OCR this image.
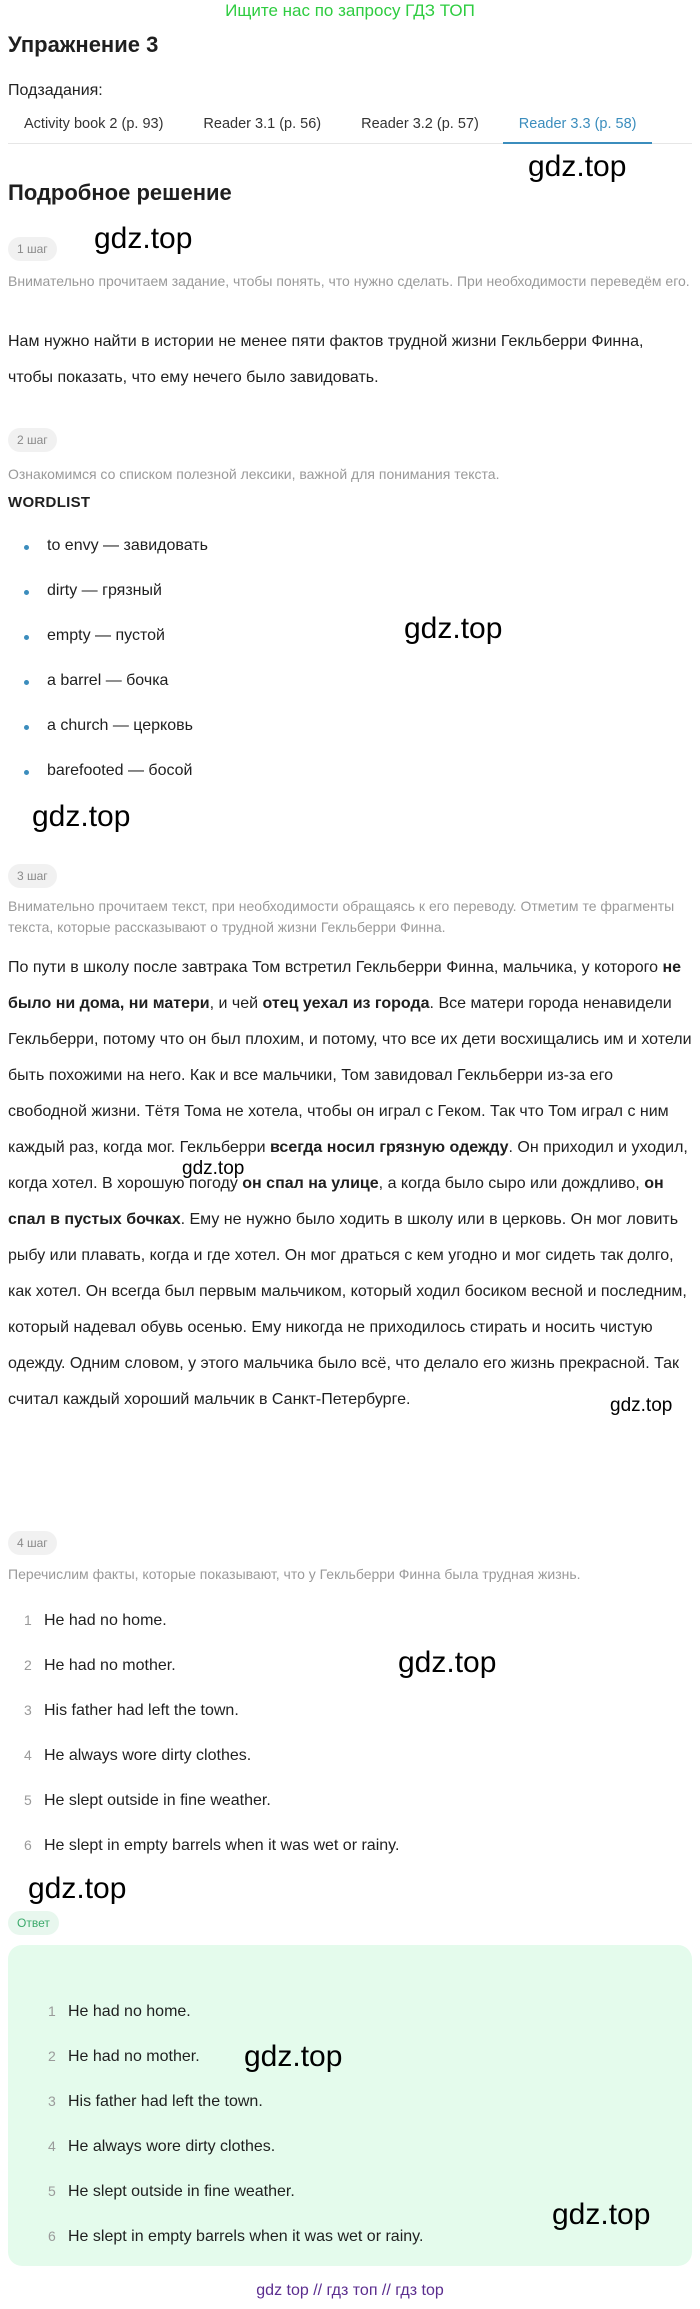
Ищите нас по запросу ГДЗ ТОП
Упражнение 3
Подзадания:
Activity book 2 (p. 93)	Reader 3.1 (p. 56)	Reader 3.2 (p. 57)	Reader 3.3 (p. 58)
gdz.top
Подробное решение
1 шаг	gdz.top
Внимательно прочитаем задание, чтобы понять, что нужно сделать. При необходимости переведём его.
Нам нужно найти в истории не менее пяти фактов трудной жизни Гекльберри Финна, чтобы показать, что ему нечего было завидовать.
2 шаг
Ознакомимся со списком полезной лексики, важной для понимания текста.
WORDLIST
to envy — завидовать
dirty — грязный
empty — пустой
a barrel — бочка
a church — церковь
barefooted — босой
gdz.top
gdz.top
3 шаг
Внимательно прочитаем текст, при необходимости обращаясь к его переводу. Отметим те фрагменты текста, которые рассказывают о трудной жизни Гекльберри Финна.
По пути в школу после завтрака Том встретил Гекльберри Финна, мальчика, у которого не было ни дома, ни матери, и чей отец уехал из города. Все матери города ненавидели Гекльберри, потому что он был плохим, и потому, что все их дети восхищались им и хотели быть похожими на него. Как и все мальчики, Том завидовал Гекльберри из-за его свободной жизни. Тётя Тома не хотела, чтобы он играл с Геком. Так что Том играл с ним каждый раз, когда мог. Гекльберри всегда носил грязную одежду. Он приходил и уходил, когда хотел. В хорошую погоду он спал на улице, а когда было сыро или дождливо, он спал в пустых бочках. Ему не нужно было ходить в школу или в церковь. Он мог ловить рыбу или плавать, когда и где хотел. Он мог драться с кем угодно и мог сидеть так долго, как хотел. Он всегда был первым мальчиком, который ходил босиком весной и последним, который надевал обувь осенью. Ему никогда не приходилось стирать и носить чистую одежду. Одним словом, у этого мальчика было всё, что делало его жизнь прекрасной. Так считал каждый хороший мальчик в Санкт-Петербурге.
gdz.top
gdz.top
4 шаг
Перечислим факты, которые показывают, что у Гекльберри Финна была трудная жизнь.
1 He had no home.
2 He had no mother.
3 His father had left the town.
4 He always wore dirty clothes.
5 He slept outside in fine weather.
6 He slept in empty barrels when it was wet or rainy.
gdz.top
gdz.top
Ответ
1 He had no home.
2 He had no mother.
3 His father had left the town.
4 He always wore dirty clothes.
5 He slept outside in fine weather.
6 He slept in empty barrels when it was wet or rainy.
gdz.top
gdz.top
gdz top // гдз топ // гдз top
